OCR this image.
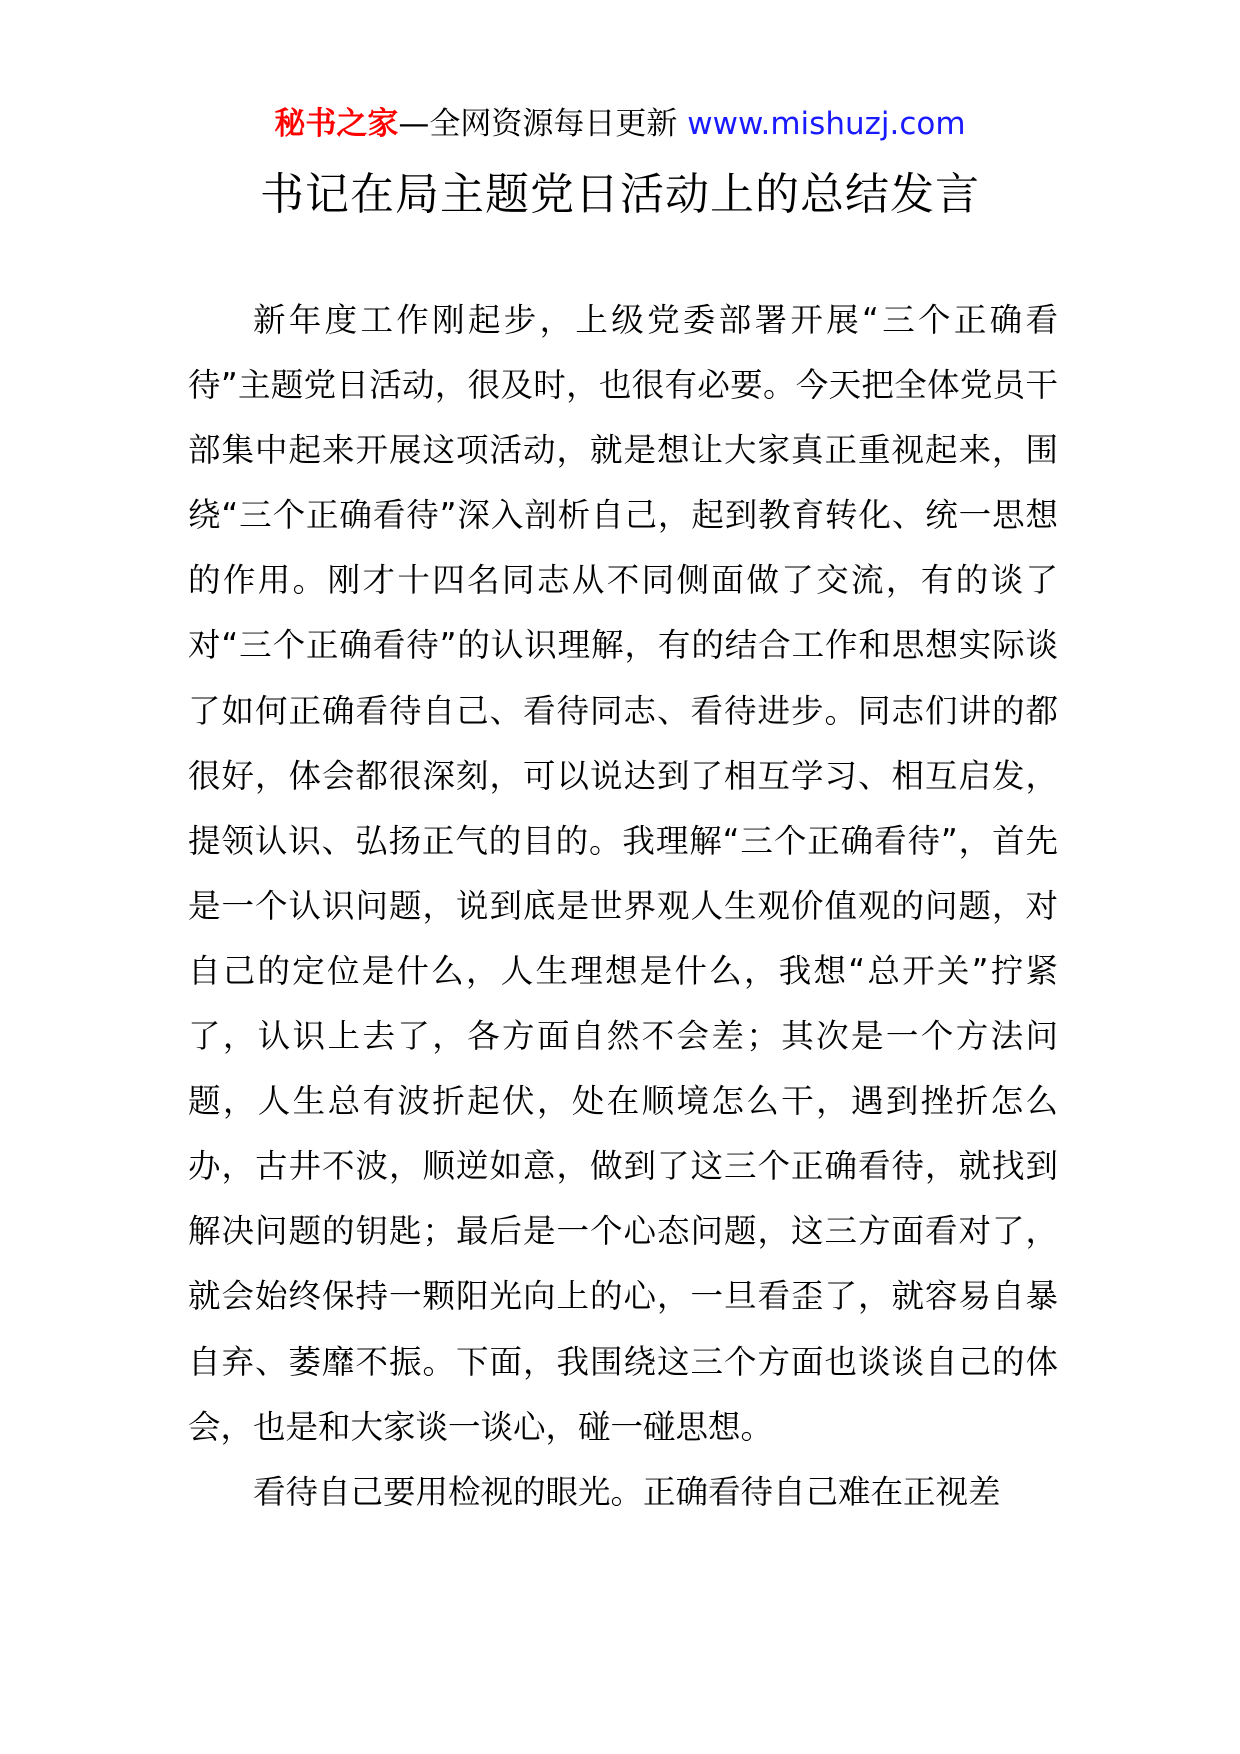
秘书之家—全网资源每日更新 www.mishuzj.com
书记在局主题党日活动上的总结发言

新年度工作刚起步，上级党委部署开展“三个正确看待”主题党日活动，很及时，也很有必要。今天把全体党员干部集中起来开展这项活动，就是想让大家真正重视起来，围绕“三个正确看待”深入剖析自己，起到教育转化、统一思想的作用。刚才十四名同志从不同侧面做了交流，有的谈了对“三个正确看待”的认识理解，有的结合工作和思想实际谈了如何正确看待自己、看待同志、看待进步。同志们讲的都很好，体会都很深刻，可以说达到了相互学习、相互启发，提领认识、弘扬正气的目的。我理解“三个正确看待”，首先是一个认识问题，说到底是世界观人生观价值观的问题，对自己的定位是什么，人生理想是什么，我想“总开关”拧紧了，认识上去了，各方面自然不会差；其次是一个方法问题，人生总有波折起伏，处在顺境怎么干，遇到挫折怎么办，古井不波，顺逆如意，做到了这三个正确看待，就找到解决问题的钥匙；最后是一个心态问题，这三方面看对了，就会始终保持一颗阳光向上的心，一旦看歪了，就容易自暴自弃、萎靡不振。下面，我围绕这三个方面也谈谈自己的体会，也是和大家谈一谈心，碰一碰思想。

看待自己要用检视的眼光。正确看待自己难在正视差
